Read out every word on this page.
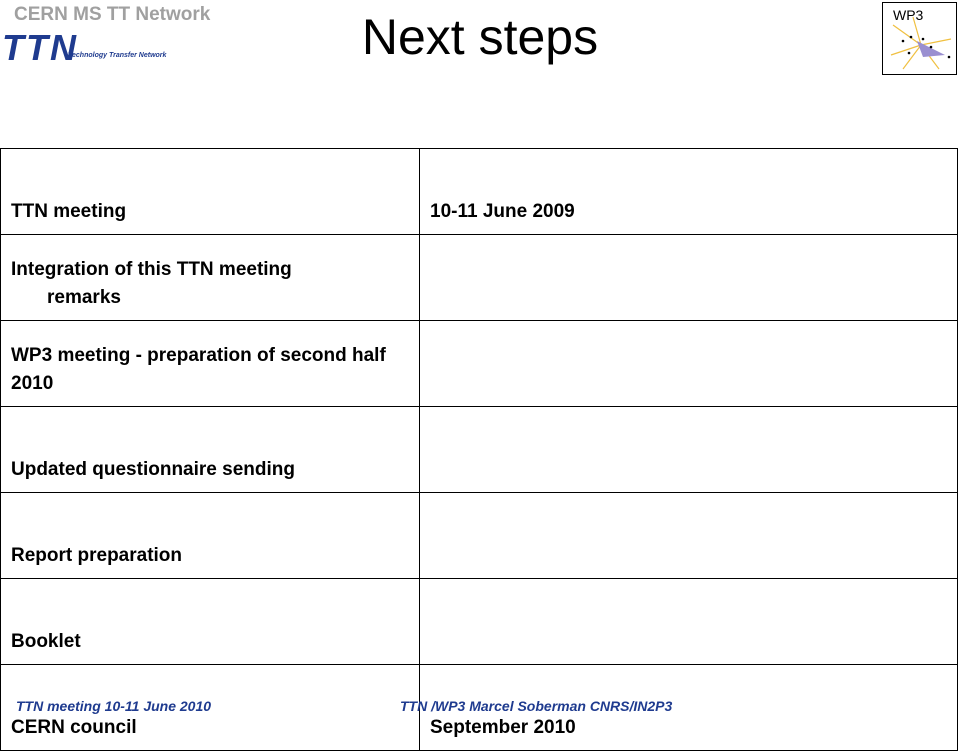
CERN MS TT Network
TTN
Technology Transfer Network	Next steps	WP3
TTN meeting	10-11 June 2009
Integration of this TTN meeting
remarks	

WP3 meeting - preparation of second half 2010	
Updated questionnaire sending	
Report preparation	
Booklet	
CERN council	September 2010
TTN meeting 10-11 June 2010	TTN /WP3 Marcel Soberman CNRS/IN2P3
